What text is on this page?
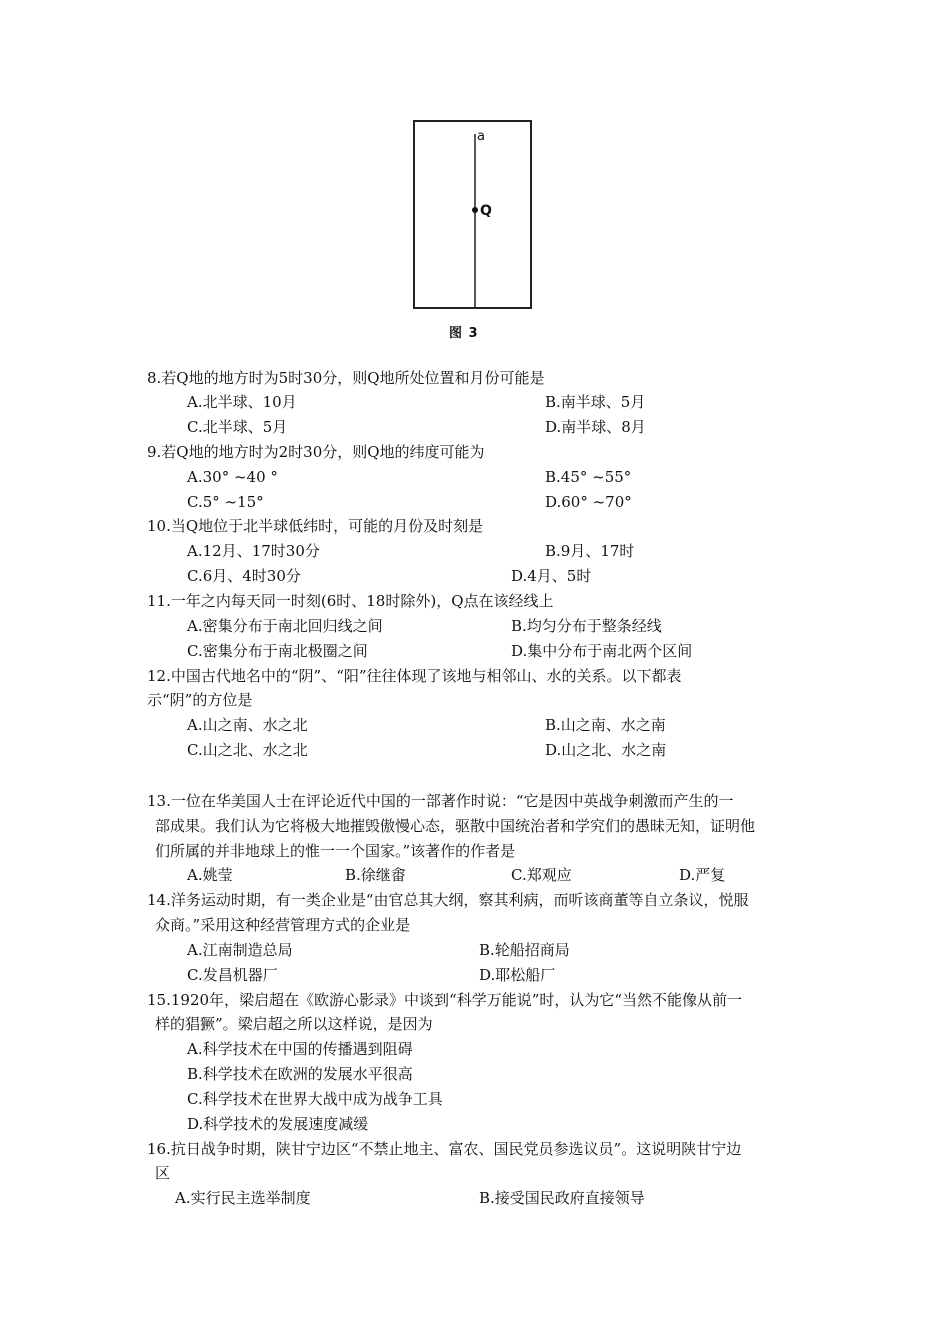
a
Q
图 3
8.若Q地的地方时为5时30分，则Q地所处位置和月份可能是
A.北半球、10月	B.南半球、5月
C.北半球、5月	D.南半球、8月
9.若Q地的地方时为2时30分，则Q地的纬度可能为
A.30° ~40 °	B.45° ~55°
C.5° ~15°	D.60° ~70°
10.当Q地位于北半球低纬时，可能的月份及时刻是
A.12月、17时30分	B.9月、17时
C.6月、4时30分	D.4月、5时
11.一年之内每天同一时刻(6时、18时除外)，Q点在该经线上
A.密集分布于南北回归线之间	B.均匀分布于整条经线
C.密集分布于南北极圈之间	D.集中分布于南北两个区间
12.中国古代地名中的“阴”、“阳”往往体现了该地与相邻山、水的关系。以下都表
示“阴”的方位是
A.山之南、水之北	B.山之南、水之南
C.山之北、水之北	D.山之北、水之南
13.一位在华美国人士在评论近代中国的一部著作时说：“它是因中英战争刺激而产生的一
部成果。我们认为它将极大地摧毁傲慢心态，驱散中国统治者和学究们的愚昧无知，证明他
们所属的并非地球上的惟一一个国家。”该著作的作者是
A.姚莹	B.徐继畬	C.郑观应	D.严复
14.洋务运动时期，有一类企业是“由官总其大纲，察其利病，而听该商董等自立条议，悦服
众商。”采用这种经营管理方式的企业是
A.江南制造总局	B.轮船招商局
C.发昌机器厂	D.耶松船厂
15.1920年，梁启超在《欧游心影录》中谈到“科学万能说”时，认为它“当然不能像从前一
样的猖獗”。梁启超之所以这样说，是因为
A.科学技术在中国的传播遇到阻碍
B.科学技术在欧洲的发展水平很高
C.科学技术在世界大战中成为战争工具
D.科学技术的发展速度减缓
16.抗日战争时期，陕甘宁边区“不禁止地主、富农、国民党员参选议员”。这说明陕甘宁边
区
A.实行民主选举制度	B.接受国民政府直接领导
